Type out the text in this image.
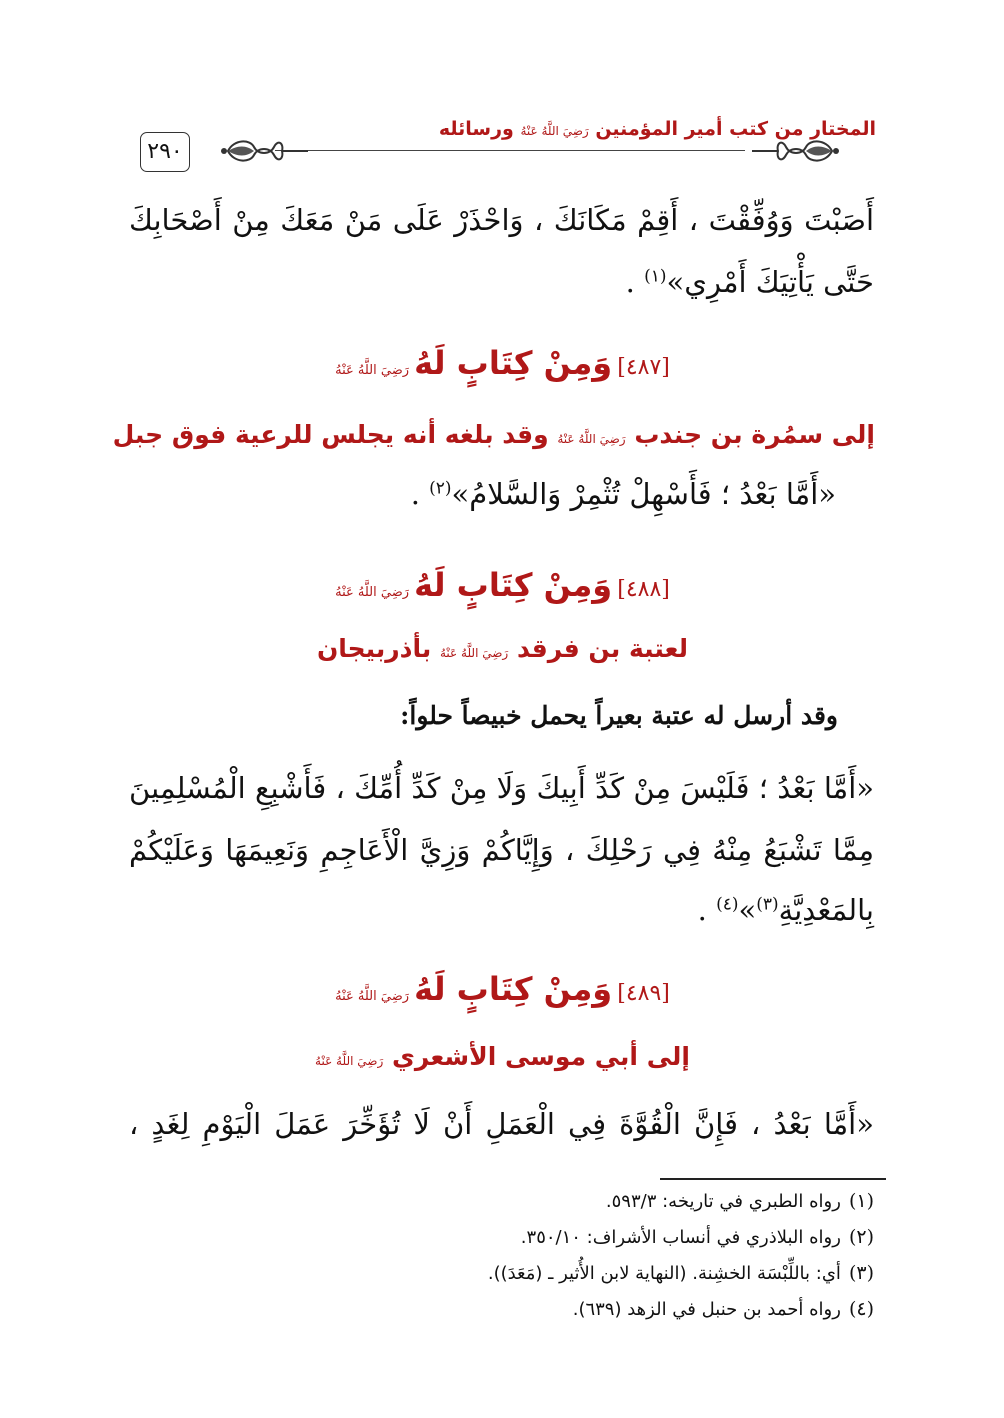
المختار من كتب أمير المؤمنين رَضِيَ اللَّهُ عَنْهُ ورسائله
٢٩٠
أَصَبْتَ وَوُفِّقْتَ ، أَقِمْ مَكَانَكَ ، وَاحْذَرْ عَلَى مَنْ مَعَكَ مِنْ أَصْحَابِكَ
حَتَّى يَأْتِيَكَ أَمْرِي»$^{(١)}$ .
[٤٨٧] وَمِنْ كِتَابٍ لَهُ رَضِيَ اللَّهُ عَنْهُ
إلى سمُرة بن جندب رَضِيَ اللَّهُ عَنْهُ وقد بلغه أنه يجلس للرعية فوق جبل
«أَمَّا بَعْدُ ؛ فَأَسْهِلْ تُثْمِرْ وَالسَّلامُ»$^{(٢)}$ .
[٤٨٨] وَمِنْ كِتَابٍ لَهُ رَضِيَ اللَّهُ عَنْهُ
لعتبة بن فرقد رَضِيَ اللَّهُ عَنْهُ بأذربيجان
وقد أرسل له عتبة بعيراً يحمل خبيصاً حلواً:
«أَمَّا بَعْدُ ؛ فَلَيْسَ مِنْ كَدِّ أَبِيكَ وَلَا مِنْ كَدِّ أُمِّكَ ، فَأَشْبِعِ الْمُسْلِمِينَ
مِمَّا تَشْبَعُ مِنْهُ فِي رَحْلِكَ ، وَإِيَّاكُمْ وَزِيَّ الْأَعَاجِمِ وَنَعِيمَهَا وَعَلَيْكُمْ
بِالمَعْدِيَّةِ$^{(٣)}$»$^{(٤)}$ .
[٤٨٩] وَمِنْ كِتَابٍ لَهُ رَضِيَ اللَّهُ عَنْهُ
إلى أبي موسى الأشعري رَضِيَ اللَّهُ عَنْهُ
«أَمَّا بَعْدُ ، فَإِنَّ الْقُوَّةَ فِي الْعَمَلِ أَنْ لَا تُؤَخِّرَ عَمَلَ الْيَوْمِ لِغَدٍ ،
(١)رواه الطبري في تاريخه: ٥٩٣/٣.
(٢)رواه البلاذري في أنساب الأشراف: ٣٥٠/١٠.
(٣)أي: باللِّبْسَة الخشِنة. (النهاية لابن الأُثير ـ (مَعَدَ)).
(٤)رواه أحمد بن حنبل في الزهد (٦٣٩).
